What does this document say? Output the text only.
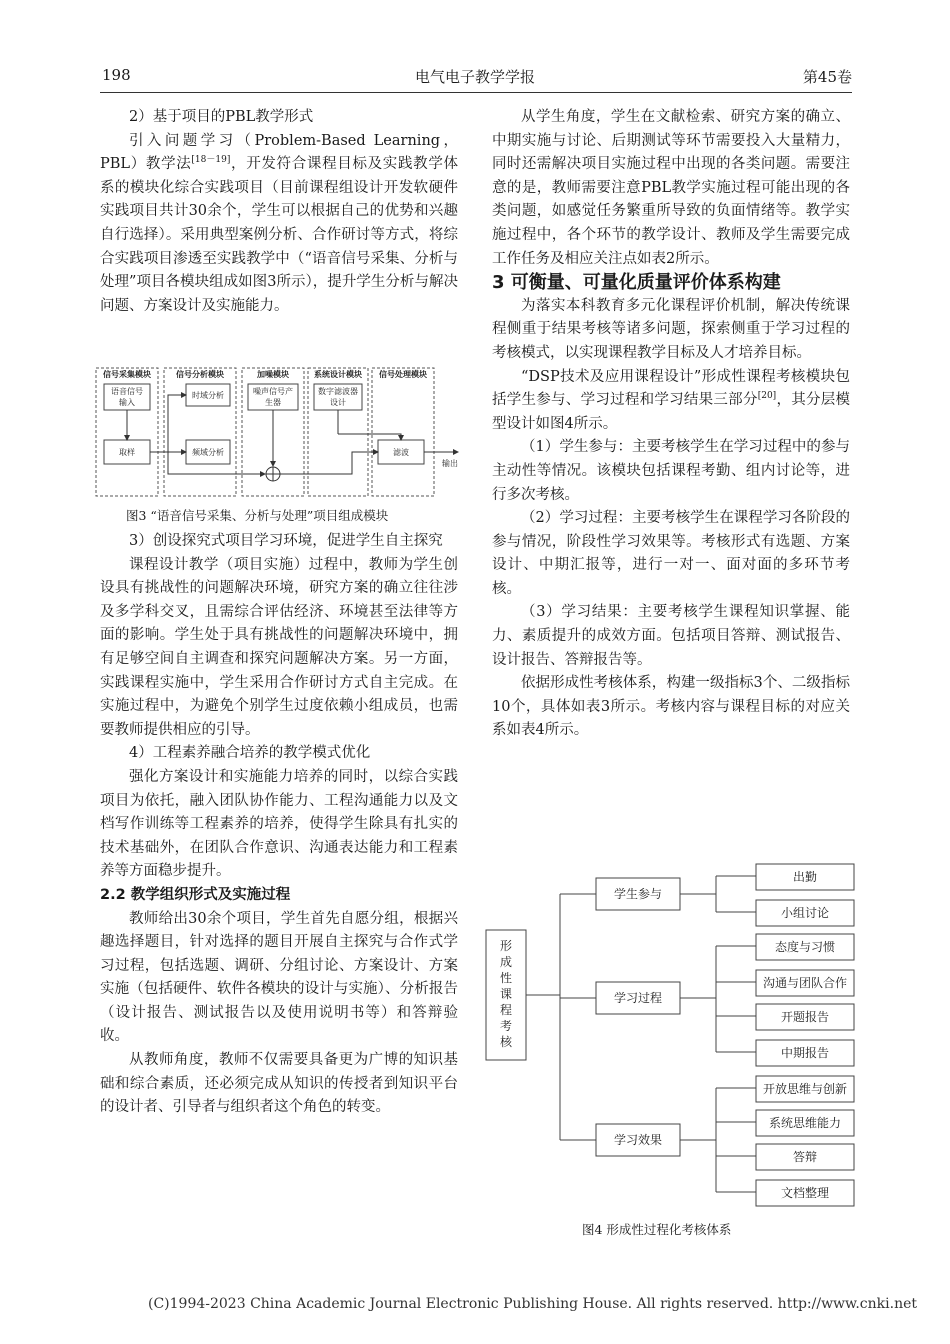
198	电气电子教学学报	第45卷

2）基于项目的PBL教学形式

引入问题学习（Problem-Based Learning，PBL）教学法[18－19]，开发符合课程目标及实践教学体系的模块化综合实践项目（目前课程组设计开发软硬件实践项目共计30余个，学生可以根据自己的优势和兴趣自行选择）。采用典型案例分析、合作研讨等方式，将综合实践项目渗透至实践教学中（“语音信号采集、分析与处理”项目各模块组成如图3所示），提升学生分析与解决问题、方案设计及实施能力。

信号采集模块	信号分析模块	加噪模块	系统设计模块 信号处理模块
语音信号
输入
取样
时域分析
频域分析
噪声信号产
生器
数字滤波器
设计
滤波
输出
图3 “语音信号采集、分析与处理”项目组成模块

3）创设探究式项目学习环境，促进学生自主探究

课程设计教学（项目实施）过程中，教师为学生创设具有挑战性的问题解决环境，研究方案的确立往往涉及多学科交叉，且需综合评估经济、环境甚至法律等方面的影响。学生处于具有挑战性的问题解决环境中，拥有足够空间自主调查和探究问题解决方案。另一方面，实践课程实施中，学生采用合作研讨方式自主完成。在实施过程中，为避免个别学生过度依赖小组成员，也需要教师提供相应的引导。

4）工程素养融合培养的教学模式优化

强化方案设计和实施能力培养的同时，以综合实践项目为依托，融入团队协作能力、工程沟通能力以及文档写作训练等工程素养的培养，使得学生除具有扎实的技术基础外，在团队合作意识、沟通表达能力和工程素养等方面稳步提升。

2.2 教学组织形式及实施过程

教师给出30余个项目，学生首先自愿分组，根据兴趣选择题目，针对选择的题目开展自主探究与合作式学习过程，包括选题、调研、分组讨论、方案设计、方案实施（包括硬件、软件各模块的设计与实施）、分析报告（设计报告、测试报告以及使用说明书等）和答辩验收。

从教师角度，教师不仅需要具备更为广博的知识基础和综合素质，还必须完成从知识的传授者到知识平台的设计者、引导者与组织者这个角色的转变。

从学生角度，学生在文献检索、研究方案的确立、中期实施与讨论、后期测试等环节需要投入大量精力，同时还需解决项目实施过程中出现的各类问题。需要注意的是，教师需要注意PBL教学实施过程可能出现的各类问题，如感觉任务繁重所导致的负面情绪等。教学实施过程中，各个环节的教学设计、教师及学生需要完成工作任务及相应关注点如表2所示。

3 可衡量、可量化质量评价体系构建

为落实本科教育多元化课程评价机制，解决传统课程侧重于结果考核等诸多问题，探索侧重于学习过程的考核模式，以实现课程教学目标及人才培养目标。

“DSP技术及应用课程设计”形成性课程考核模块包括学生参与、学习过程和学习结果三部分[20]，其分层模型设计如图4所示。

（1）学生参与：主要考核学生在学习过程中的参与主动性等情况。该模块包括课程考勤、组内讨论等，进行多次考核。

（2）学习过程：主要考核学生在课程学习各阶段的参与情况，阶段性学习效果等。考核形式有选题、方案设计、中期汇报等，进行一对一、面对面的多环节考核。

（3）学习结果：主要考核学生课程知识掌握、能力、素质提升的成效方面。包括项目答辩、测试报告、设计报告、答辩报告等。

依据形成性考核体系，构建一级指标3个、二级指标10个，具体如表3所示。考核内容与课程目标的对应关系如表4所示。

形成性课程考核
学生参与
学习过程
学习效果
出勤
小组讨论
态度与习惯
沟通与团队合作
开题报告
中期报告
开放思维与创新
系统思维能力
答辩
文档整理
图4 形成性过程化考核体系
(C)1994-2023 China Academic Journal Electronic Publishing House. All rights reserved. http://www.cnki.net
